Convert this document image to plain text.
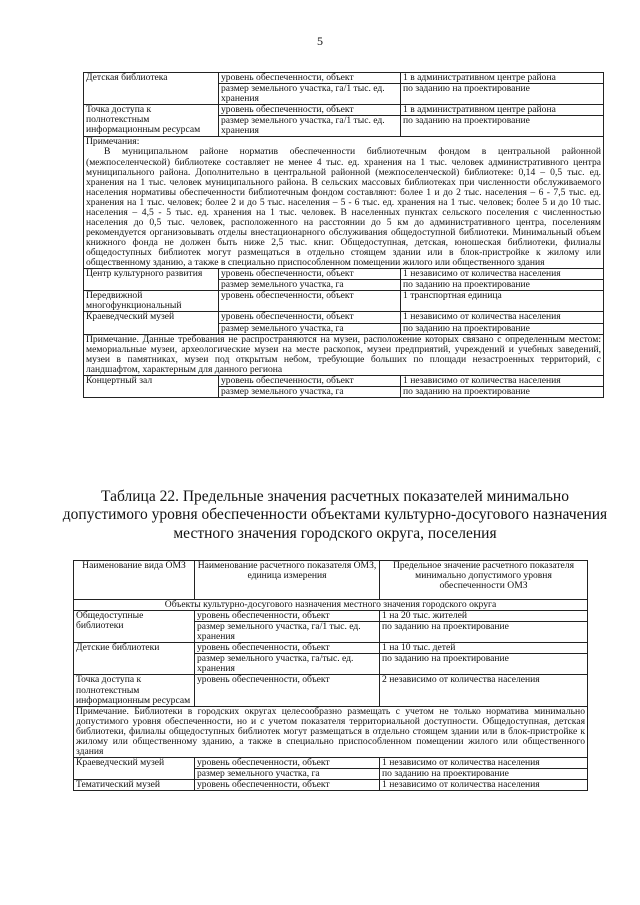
5
Детская библиотека	уровень обеспеченности, объект	1 в административном центре района
	размер земельного участка, га/1 тыс. ед. хранения	по заданию на проектирование
Точка доступа к полнотекстным информационным ресурсам	уровень обеспеченности, объект	1 в административном центре района
	размер земельного участка, га/1 тыс. ед. хранения	по заданию на проектирование

Примечания:
В муниципальном районе норматив обеспеченности библиотечным фондом в центральной районной (межпоселенческой) библиотеке составляет не менее 4 тыс. ед. хранения на 1 тыс. человек административного центра муниципального района. Дополнительно в центральной районной (межпоселенческой) библиотеке: 0,14 – 0,5 тыс. ед. хранения на 1 тыс. человек муниципального района. В сельских массовых библиотеках при численности обслуживаемого населения нормативы обеспеченности библиотечным фондом составляют: более 1 и до 2 тыс. населения – 6 - 7,5 тыс. ед. хранения на 1 тыс. человек; более 2 и до 5 тыс. населения – 5 - 6 тыс. ед. хранения на 1 тыс. человек; более 5 и до 10 тыс. населения – 4,5 - 5 тыс. ед. хранения на 1 тыс. человек. В населенных пунктах сельского поселения с численностью населения до 0,5 тыс. человек, расположенного на расстоянии до 5 км до административного центра, поселениям рекомендуется организовывать отделы внестационарного обслуживания общедоступной библиотеки. Минимальный объем книжного фонда не должен быть ниже 2,5 тыс. книг. Общедоступная, детская, юношеская библиотеки, филиалы общедоступных библиотек могут размещаться в отдельно стоящем здании или в блок-пристройке к жилому или общественному зданию, а также в специально приспособленном помещении жилого или общественного здания		

Центр культурного развития	уровень обеспеченности, объект	1 независимо от количества населения
	размер земельного участка, га	по заданию на проектирование
Передвижной многофункциональный	уровень обеспеченности, объект	1 транспортная единица
Краеведческий музей	уровень обеспеченности, объект	1 независимо от количества населения
	размер земельного участка, га	по заданию на проектирование

Примечание. Данные требования не распространяются на музеи, расположение которых связано с определенным местом: мемориальные музеи, археологические музеи на месте раскопок, музеи предприятий, учреждений и учебных заведений, музеи в памятниках, музеи под открытым небом, требующие больших по площади незастроенных территорий, с ландшафтом, характерным для данного региона		

Концертный зал	уровень обеспеченности, объект	1 независимо от количества населения
	размер земельного участка, га	по заданию на проектирование
Таблица 22. Предельные значения расчетных показателей минимально допустимого уровня обеспеченности объектами культурно-досугового назначения местного значения городского округа, поселения
Наименование вида ОМЗ	Наименование расчетного показателя ОМЗ, единица измерения	Предельное значение расчетного показателя минимально допустимого уровня обеспеченности ОМЗ
Объекты культурно-досугового назначения местного значения городского округа		
Общедоступные библиотеки	уровень обеспеченности, объект	1 на 20 тыс. жителей
	размер земельного участка, га/1 тыс. ед. хранения	по заданию на проектирование
Детские библиотеки	уровень обеспеченности, объект	1 на 10 тыс. детей
	размер земельного участка, га/тыс. ед. хранения	по заданию на проектирование
Точка доступа к полнотекстным информационным ресурсам	уровень обеспеченности, объект	2 независимо от количества населения

Примечание. Библиотеки в городских округах целесообразно размещать с учетом не только норматива минимально допустимого уровня обеспеченности, но и с учетом показателя территориальной доступности. Общедоступная, детская библиотеки, филиалы общедоступных библиотек могут размещаться в отдельно стоящем здании или в блок-пристройке к жилому или общественному зданию, а также в специально приспособленном помещении жилого или общественного здания		

Краеведческий музей	уровень обеспеченности, объект	1 независимо от количества населения
	размер земельного участка, га	по заданию на проектирование
Тематический музей	уровень обеспеченности, объект	1 независимо от количества населения
